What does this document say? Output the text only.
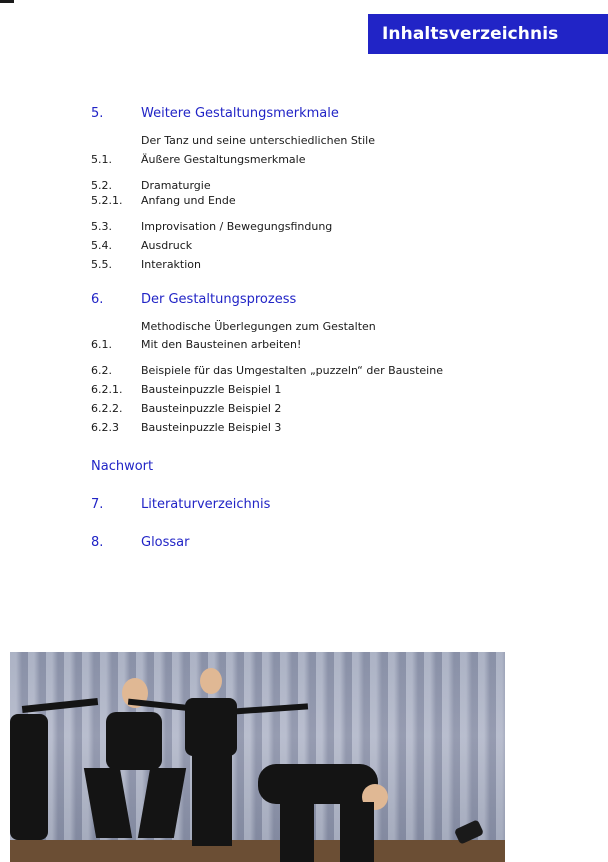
Inhaltsverzeichnis
5.	Weitere Gestaltungsmerkmale
Der Tanz und seine unterschiedlichen Stile
5.1.	Äußere Gestaltungsmerkmale
5.2.	Dramaturgie
5.2.1. Anfang und Ende
5.3.	Improvisation / Bewegungsfindung
5.4.	Ausdruck
5.5.	Interaktion
6.	Der Gestaltungsprozess
Methodische Überlegungen zum Gestalten
6.1.	Mit den Bausteinen arbeiten!
6.2.	Beispiele für das Umgestalten „puzzeln“ der Bausteine
6.2.1. Bausteinpuzzle Beispiel 1
6.2.2. Bausteinpuzzle Beispiel 2
6.2.3 Bausteinpuzzle Beispiel 3
Nachwort
7.	Literaturverzeichnis
8.	Glossar
